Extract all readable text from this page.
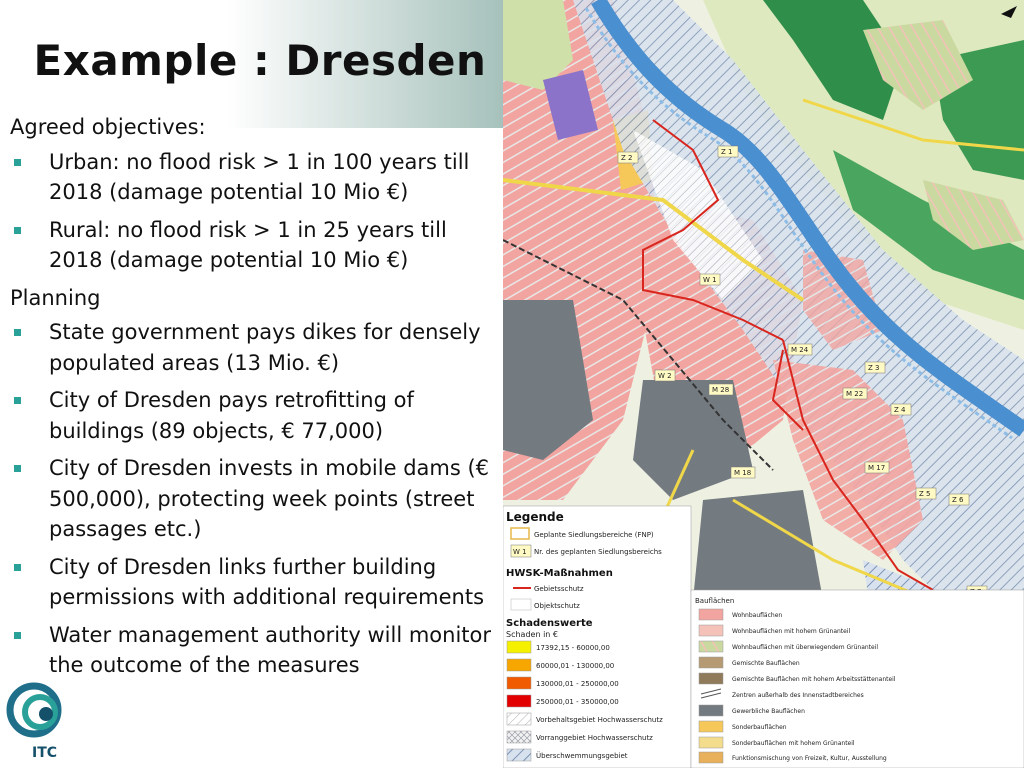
Example : Dresden
Agreed objectives:
Urban: no flood risk > 1 in 100 years till 2018 (damage potential 10 Mio €)
Rural: no flood risk > 1 in 25 years till 2018 (damage potential 10 Mio €)
Planning
State government pays dikes for densely populated areas (13 Mio. €)
City of Dresden pays retrofitting of buildings (89 objects, € 77,000)
City of Dresden invests in mobile dams (€ 500,000), protecting week points (street passages etc.)
City of Dresden links further building permissions with additional requirements
Water management authority will monitor the outcome of the measures
ITC
Z 1
Z 2
Z 3
Z 4
Z 5
Z 6
W 1
W 2
M 17
M 18
M 22
M 24
M 28
Legende
Geplante Siedlungsbereiche (FNP)
W 1 Nr. des geplanten Siedlungsbereichs
HWSK-Maßnahmen
Gebietsschutz
Objektschutz
Schadenswerte
Schaden in €
17392,15 - 60000,00
60000,01 - 130000,00
130000,01 - 250000,00
250000,01 - 350000,00
Vorbehaltsgebiet Hochwasserschutz
Vorranggebiet Hochwasserschutz
Überschwemmungsgebiet
Bauflächen
Wohnbauflächen
Wohnbauflächen mit hohem Grünanteil
Wohnbauflächen mit überwiegendem Grünanteil
Gemischte Bauflächen
Gemischte Bauflächen mit hohem Arbeitsstättenanteil
Zentren außerhalb des Innenstadtbereiches
Gewerbliche Bauflächen
Sonderbauflächen
Sonderbauflächen mit hohem Grünanteil
Funktionsmischung von Freizeit, Kultur, Ausstellung
